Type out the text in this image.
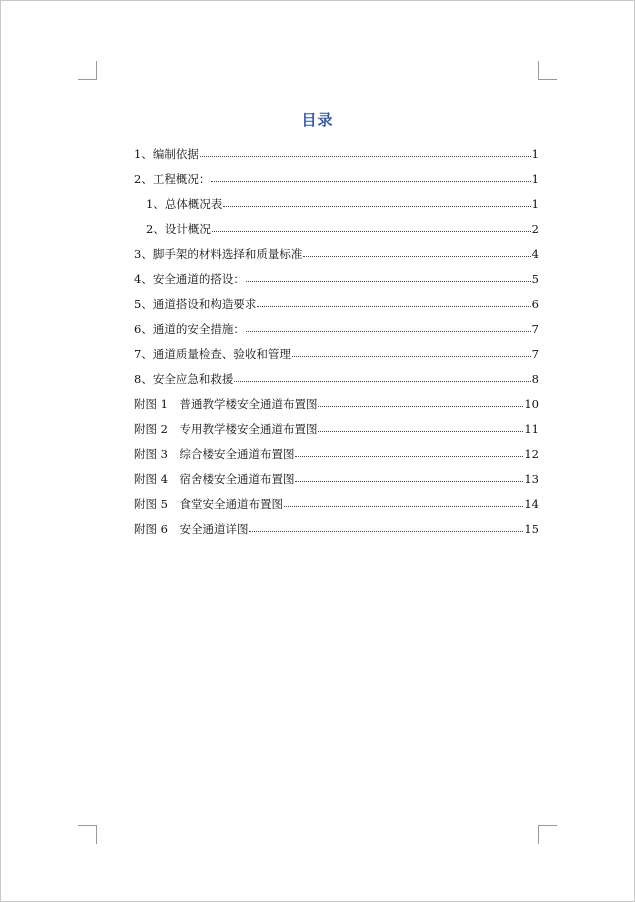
目录
1、编制依据	1
2、工程概况：	1
1、总体概况表	1
2、设计概况	2
3、脚手架的材料选择和质量标准	4
4、安全通道的搭设：	5
5、通道搭设和构造要求	6
6、通道的安全措施：	7
7、通道质量检查、验收和管理	7
8、安全应急和救援	8
附图 1　普通教学楼安全通道布置图	10
附图 2　专用教学楼安全通道布置图	11
附图 3　综合楼安全通道布置图	12
附图 4　宿舍楼安全通道布置图	13
附图 5　食堂安全通道布置图	14
附图 6　安全通道详图	15
